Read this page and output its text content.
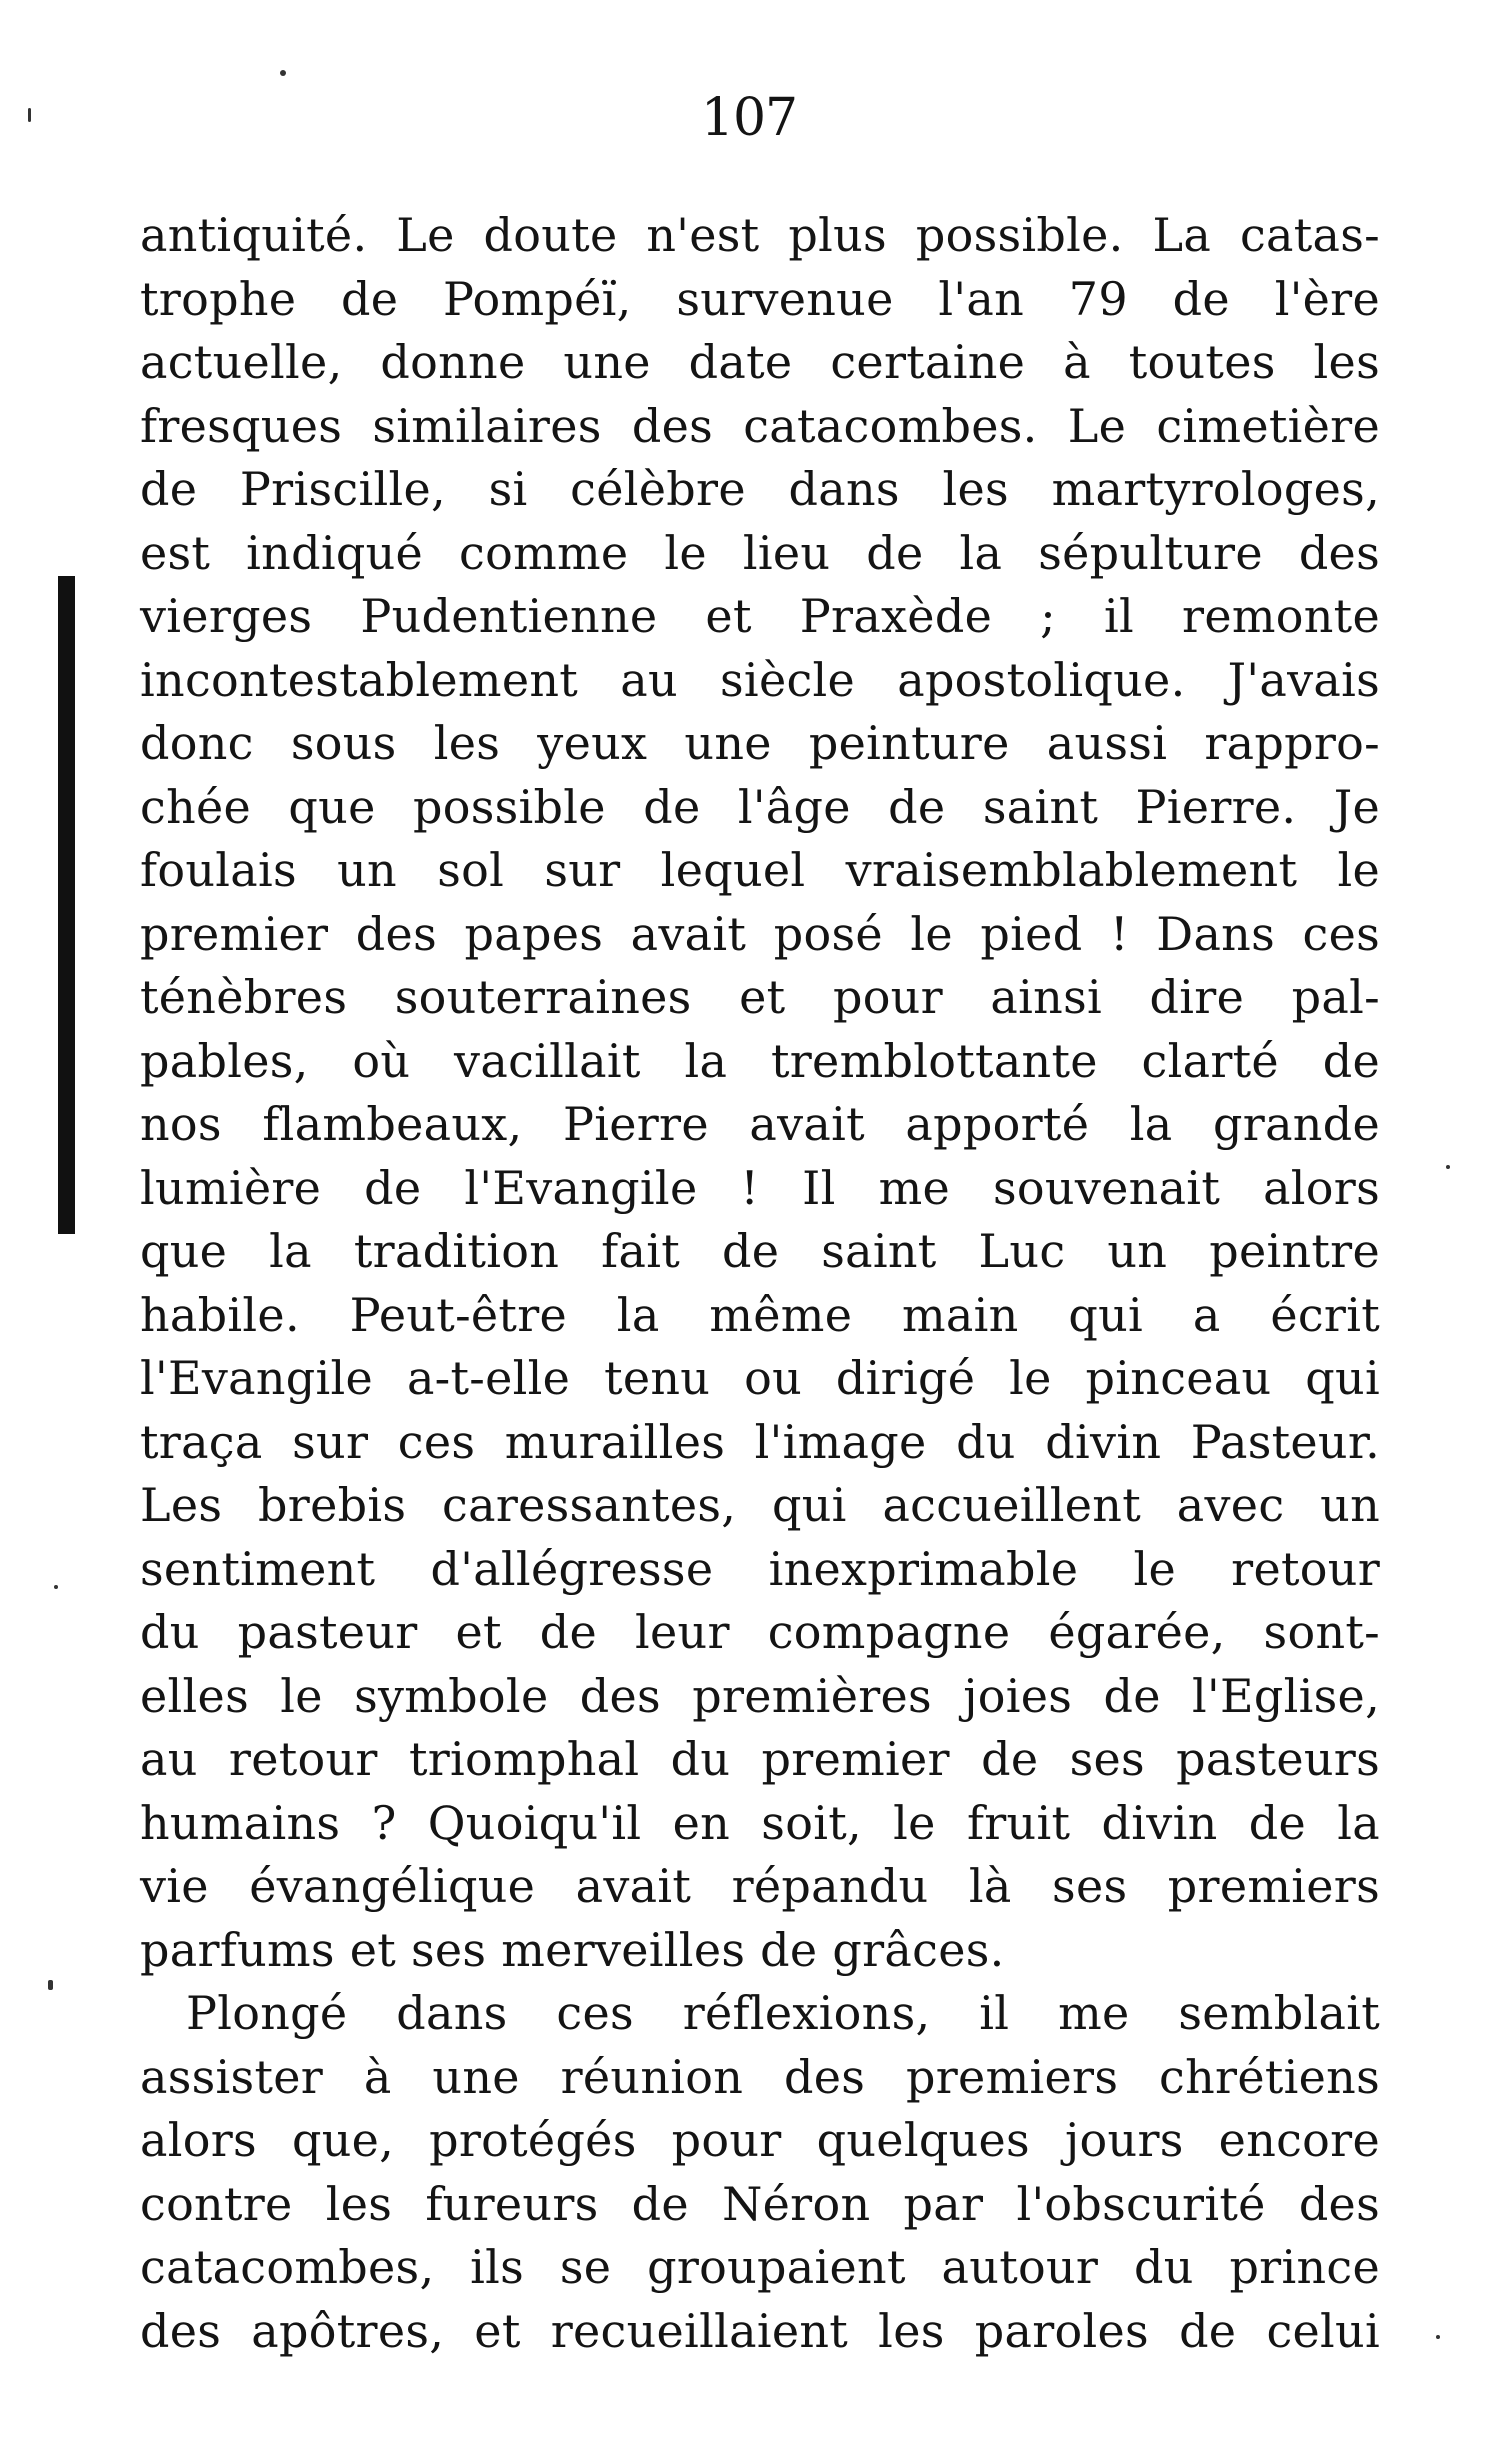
107
antiquité. Le doute n'est plus possible. La catas-
trophe de Pompéï, survenue l'an 79 de l'ère
actuelle, donne une date certaine à toutes les
fresques similaires des catacombes. Le cimetière
de Priscille, si célèbre dans les martyrologes,
est indiqué comme le lieu de la sépulture des
vierges Pudentienne et Praxède ; il remonte
incontestablement au siècle apostolique. J'avais
donc sous les yeux une peinture aussi rappro-
chée que possible de l'âge de saint Pierre. Je
foulais un sol sur lequel vraisemblablement le
premier des papes avait posé le pied ! Dans ces
ténèbres souterraines et pour ainsi dire pal-
pables, où vacillait la tremblottante clarté de
nos flambeaux, Pierre avait apporté la grande
lumière de l'Evangile ! Il me souvenait alors
que la tradition fait de saint Luc un peintre
habile. Peut-être la même main qui a écrit
l'Evangile a-t-elle tenu ou dirigé le pinceau qui
traça sur ces murailles l'image du divin Pasteur.
Les brebis caressantes, qui accueillent avec un
sentiment d'allégresse inexprimable le retour
du pasteur et de leur compagne égarée, sont-
elles le symbole des premières joies de l'Eglise,
au retour triomphal du premier de ses pasteurs
humains ? Quoiqu'il en soit, le fruit divin de la
vie évangélique avait répandu là ses premiers
parfums et ses merveilles de grâces.
Plongé dans ces réflexions, il me semblait
assister à une réunion des premiers chrétiens
alors que, protégés pour quelques jours encore
contre les fureurs de Néron par l'obscurité des
catacombes, ils se groupaient autour du prince
des apôtres, et recueillaient les paroles de celui
